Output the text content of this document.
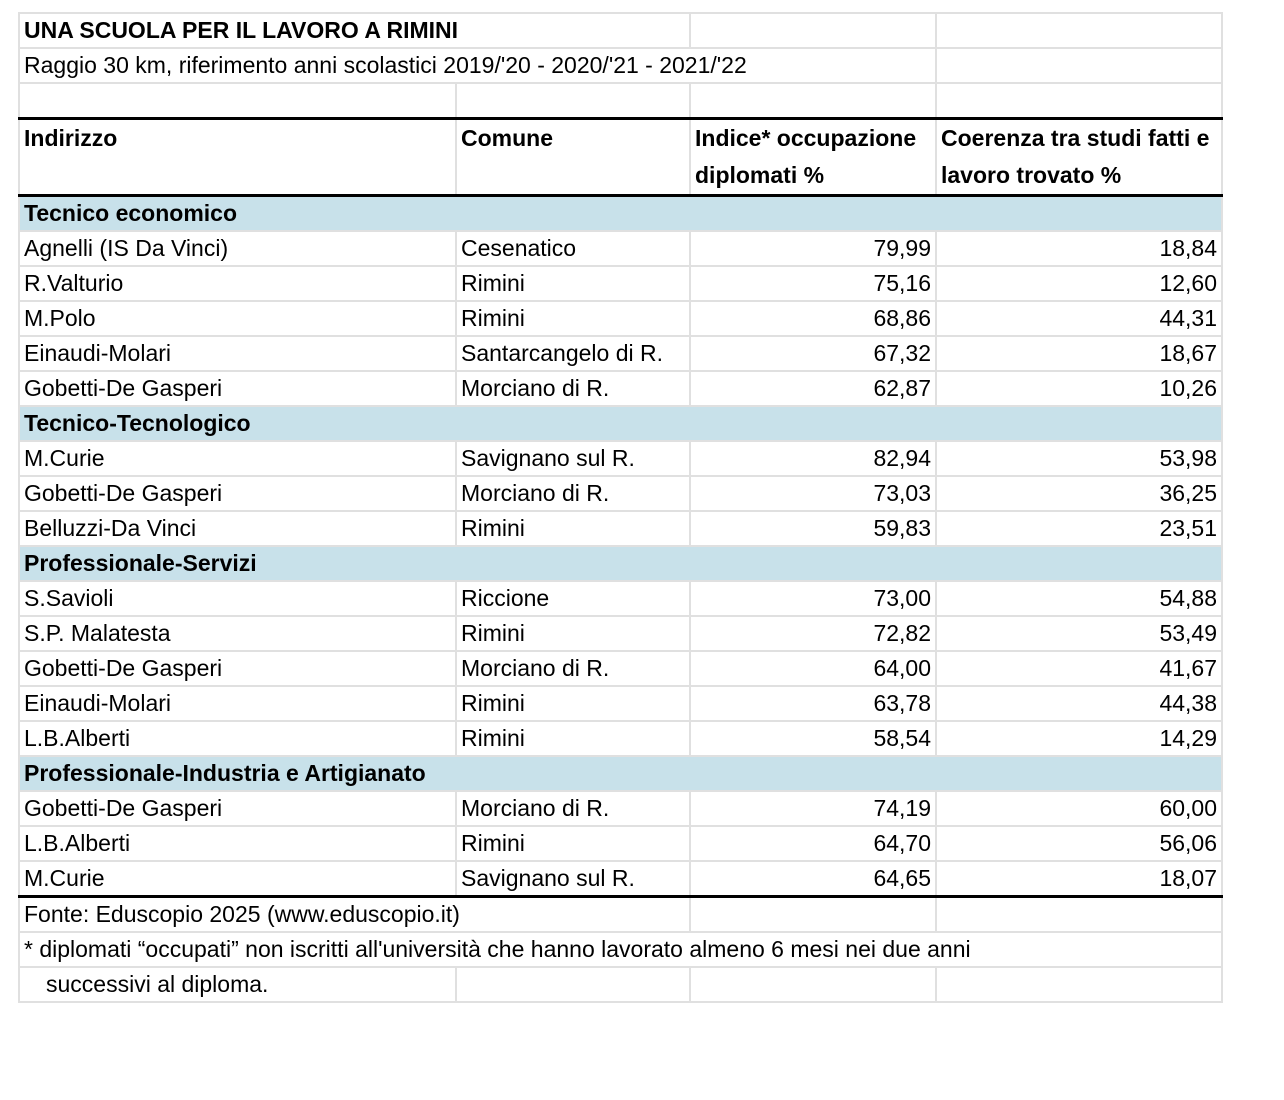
UNA SCUOLA PER IL LAVORO A RIMINI			
Raggio 30 km, riferimento anni scolastici 2019/'20 - 2020/'21 - 2021/'22			

Indirizzo	Comune	Indice* occupazione diplomati %	Coerenza tra studi fatti e lavoro trovato %
Tecnico economico			
Agnelli (IS Da Vinci)	Cesenatico	79,99	18,84
R.Valturio	Rimini	75,16	12,60
M.Polo	Rimini	68,86	44,31
Einaudi-Molari	Santarcangelo di R.	67,32	18,67
Gobetti-De Gasperi	Morciano di R.	62,87	10,26
Tecnico-Tecnologico			
M.Curie	Savignano sul R.	82,94	53,98
Gobetti-De Gasperi	Morciano di R.	73,03	36,25
Belluzzi-Da Vinci	Rimini	59,83	23,51
Professionale-Servizi			
S.Savioli	Riccione	73,00	54,88
S.P. Malatesta	Rimini	72,82	53,49
Gobetti-De Gasperi	Morciano di R.	64,00	41,67
Einaudi-Molari	Rimini	63,78	44,38
L.B.Alberti	Rimini	58,54	14,29
Professionale-Industria e Artigianato			
Gobetti-De Gasperi	Morciano di R.	74,19	60,00
L.B.Alberti	Rimini	64,70	56,06
M.Curie	Savignano sul R.	64,65	18,07
Fonte: Eduscopio 2025 (www.eduscopio.it)			
* diplomati “occupati” non iscritti all'università che hanno lavorato almeno 6 mesi nei due anni			
successivi al diploma.			
